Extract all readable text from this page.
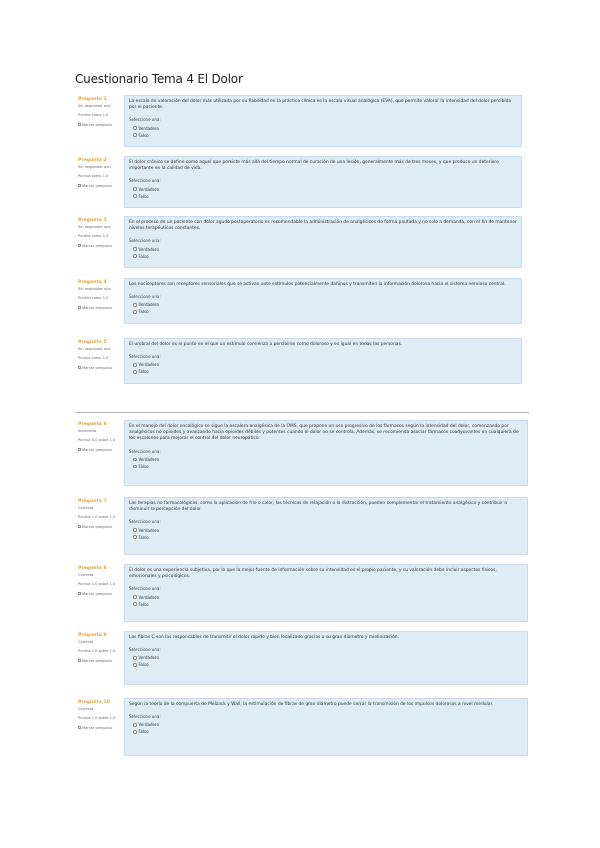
Cuestionario Tema 4 El Dolor
Pregunta 1
Sin responder aún
Puntúa como 1,0
Marcar pregunta
La escala de valoración del dolor más utilizada por su fiabilidad en la práctica clínica es la escala visual analógica (EVA), que permite valorar la intensidad del dolor percibida por el paciente.
Seleccione una:
Verdadero
Falso
Pregunta 2
Sin responder aún
Puntúa como 1,0
Marcar pregunta
El dolor crónico se define como aquel que persiste más allá del tiempo normal de curación de una lesión, generalmente más de tres meses, y que produce un deterioro importante en la calidad de vida.
Seleccione una:
Verdadero
Falso
Pregunta 3
Sin responder aún
Puntúa como 1,0
Marcar pregunta
En el proceso de un paciente con dolor agudo postoperatorio es recomendable la administración de analgésicos de forma pautada y no solo a demanda, con el fin de mantener niveles terapéuticos constantes.
Seleccione una:
Verdadero
Falso
Pregunta 4
Sin responder aún
Puntúa como 1,0
Marcar pregunta
Los nociceptores son receptores sensoriales que se activan ante estímulos potencialmente dañinos y transmiten la información dolorosa hacia el sistema nervioso central.
Seleccione una:
Verdadero
Falso
Pregunta 5
Sin responder aún
Puntúa como 1,0
Marcar pregunta
El umbral del dolor es el punto en el que un estímulo comienza a percibirse como doloroso y es igual en todas las personas.
Seleccione una:
Verdadero
Falso
Pregunta 6
Incorrecta
Puntúa 0,0 sobre 1,0
Marcar pregunta
En el manejo del dolor oncológico se sigue la escalera analgésica de la OMS, que propone un uso progresivo de los fármacos según la intensidad del dolor, comenzando por analgésicos no opioides y avanzando hacia opioides débiles y potentes cuando el dolor no se controla. Además, se recomienda asociar fármacos coadyuvantes en cualquiera de los escalones para mejorar el control del dolor neuropático.
Seleccione una:
Verdadero
Falso
Pregunta 7
Correcta
Puntúa 1,0 sobre 1,0
Marcar pregunta
Las terapias no farmacológicas, como la aplicación de frío o calor, las técnicas de relajación o la distracción, pueden complementar el tratamiento analgésico y contribuir a disminuir la percepción del dolor.
Seleccione una:
Verdadero
Falso
Pregunta 8
Correcta
Puntúa 1,0 sobre 1,0
Marcar pregunta
El dolor es una experiencia subjetiva, por lo que la mejor fuente de información sobre su intensidad es el propio paciente, y su valoración debe incluir aspectos físicos, emocionales y psicológicos.
Seleccione una:
Verdadero
Falso
Pregunta 9
Correcta
Puntúa 1,0 sobre 1,0
Marcar pregunta
Las fibras C son las responsables de transmitir el dolor rápido y bien localizado gracias a su gran diámetro y mielinización.
Seleccione una:
Verdadero
Falso
Pregunta 10
Correcta
Puntúa 1,0 sobre 1,0
Marcar pregunta
Según la teoría de la compuerta de Melzack y Wall, la estimulación de fibras de gran diámetro puede cerrar la transmisión de los impulsos dolorosos a nivel medular.
Seleccione una:
Verdadero
Falso
